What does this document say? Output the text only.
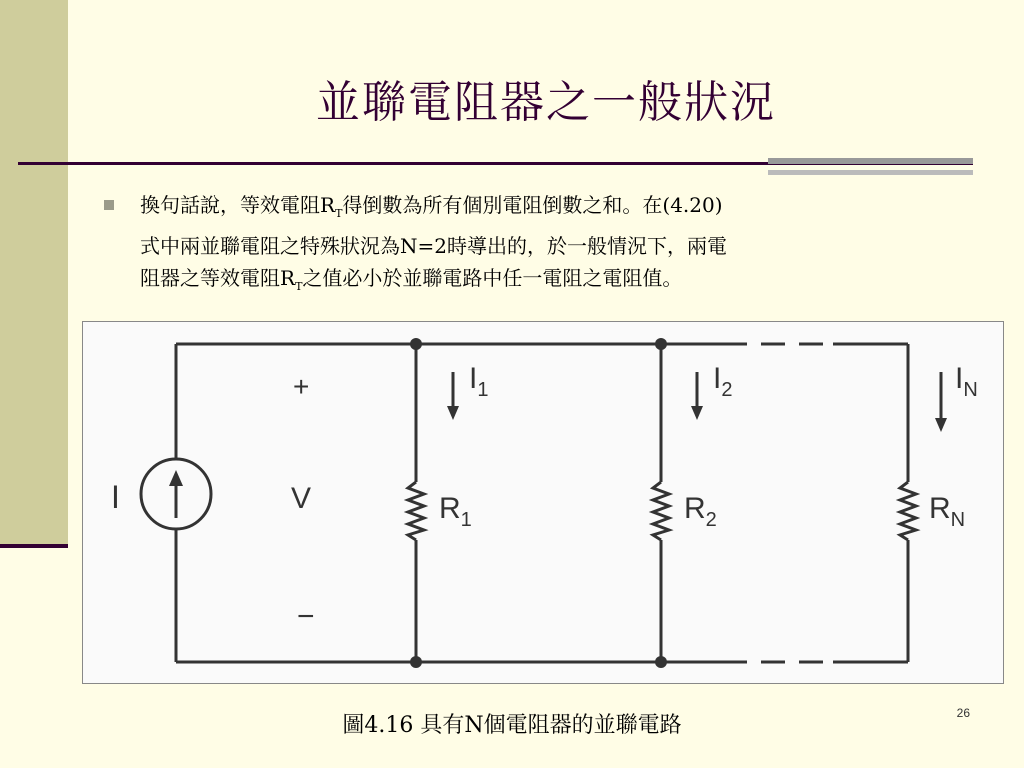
並聯電阻器之一般狀況
換句話說，等效電阻$R_T$得倒數為所有個別電阻倒數之和。在(4.20)
式中兩並聯電阻之特殊狀況為N=2時導出的，於一般情況下，兩電
阻器之等效電阻$R_T$之值必小於並聯電路中任一電阻之電阻值。
I
+
V
−
$I_1$	$I_2$	$I_N$
$R_1$	$R_2$	$R_N$
圖4.16 具有N個電阻器的並聯電路	26
